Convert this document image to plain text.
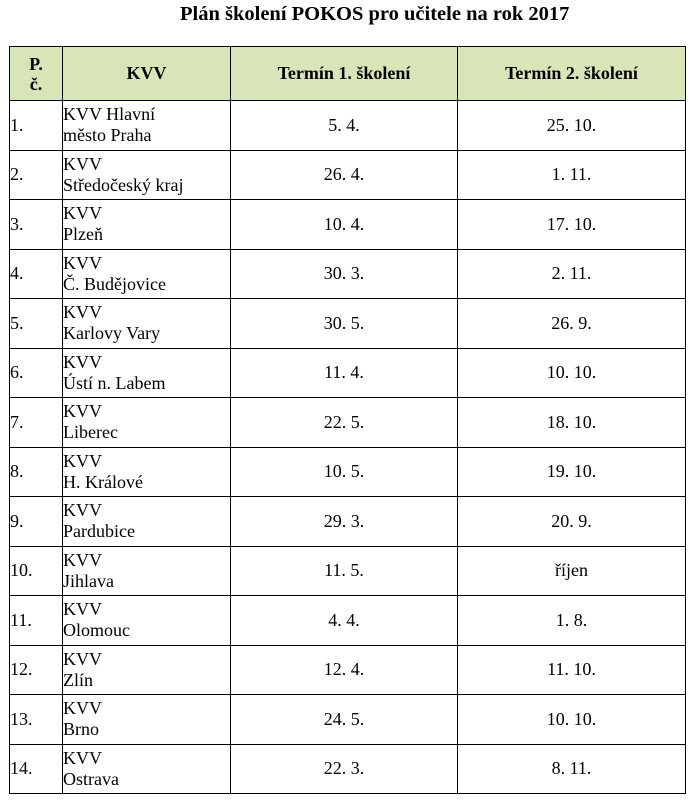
Plán školení POKOS pro učitele na rok 2017
P.
č.	KVV	Termín 1. školení	Termín 2. školení
1.	KVV Hlavní
město Praha	5. 4.	25. 10.
2.	KVV
Středočeský kraj	26. 4.	1. 11.
3.	KVV
Plzeň	10. 4.	17. 10.
4.	KVV
Č. Budějovice	30. 3.	2. 11.
5.	KVV
Karlovy Vary	30. 5.	26. 9.
6.	KVV
Ústí n. Labem	11. 4.	10. 10.
7.	KVV
Liberec	22. 5.	18. 10.
8.	KVV
H. Králové	10. 5.	19. 10.
9.	KVV
Pardubice	29. 3.	20. 9.
10.	KVV
Jihlava	11. 5.	říjen
11.	KVV
Olomouc	4. 4.	1. 8.
12.	KVV
Zlín	12. 4.	11. 10.
13.	KVV
Brno	24. 5.	10. 10.
14.	KVV
Ostrava	22. 3.	8. 11.
